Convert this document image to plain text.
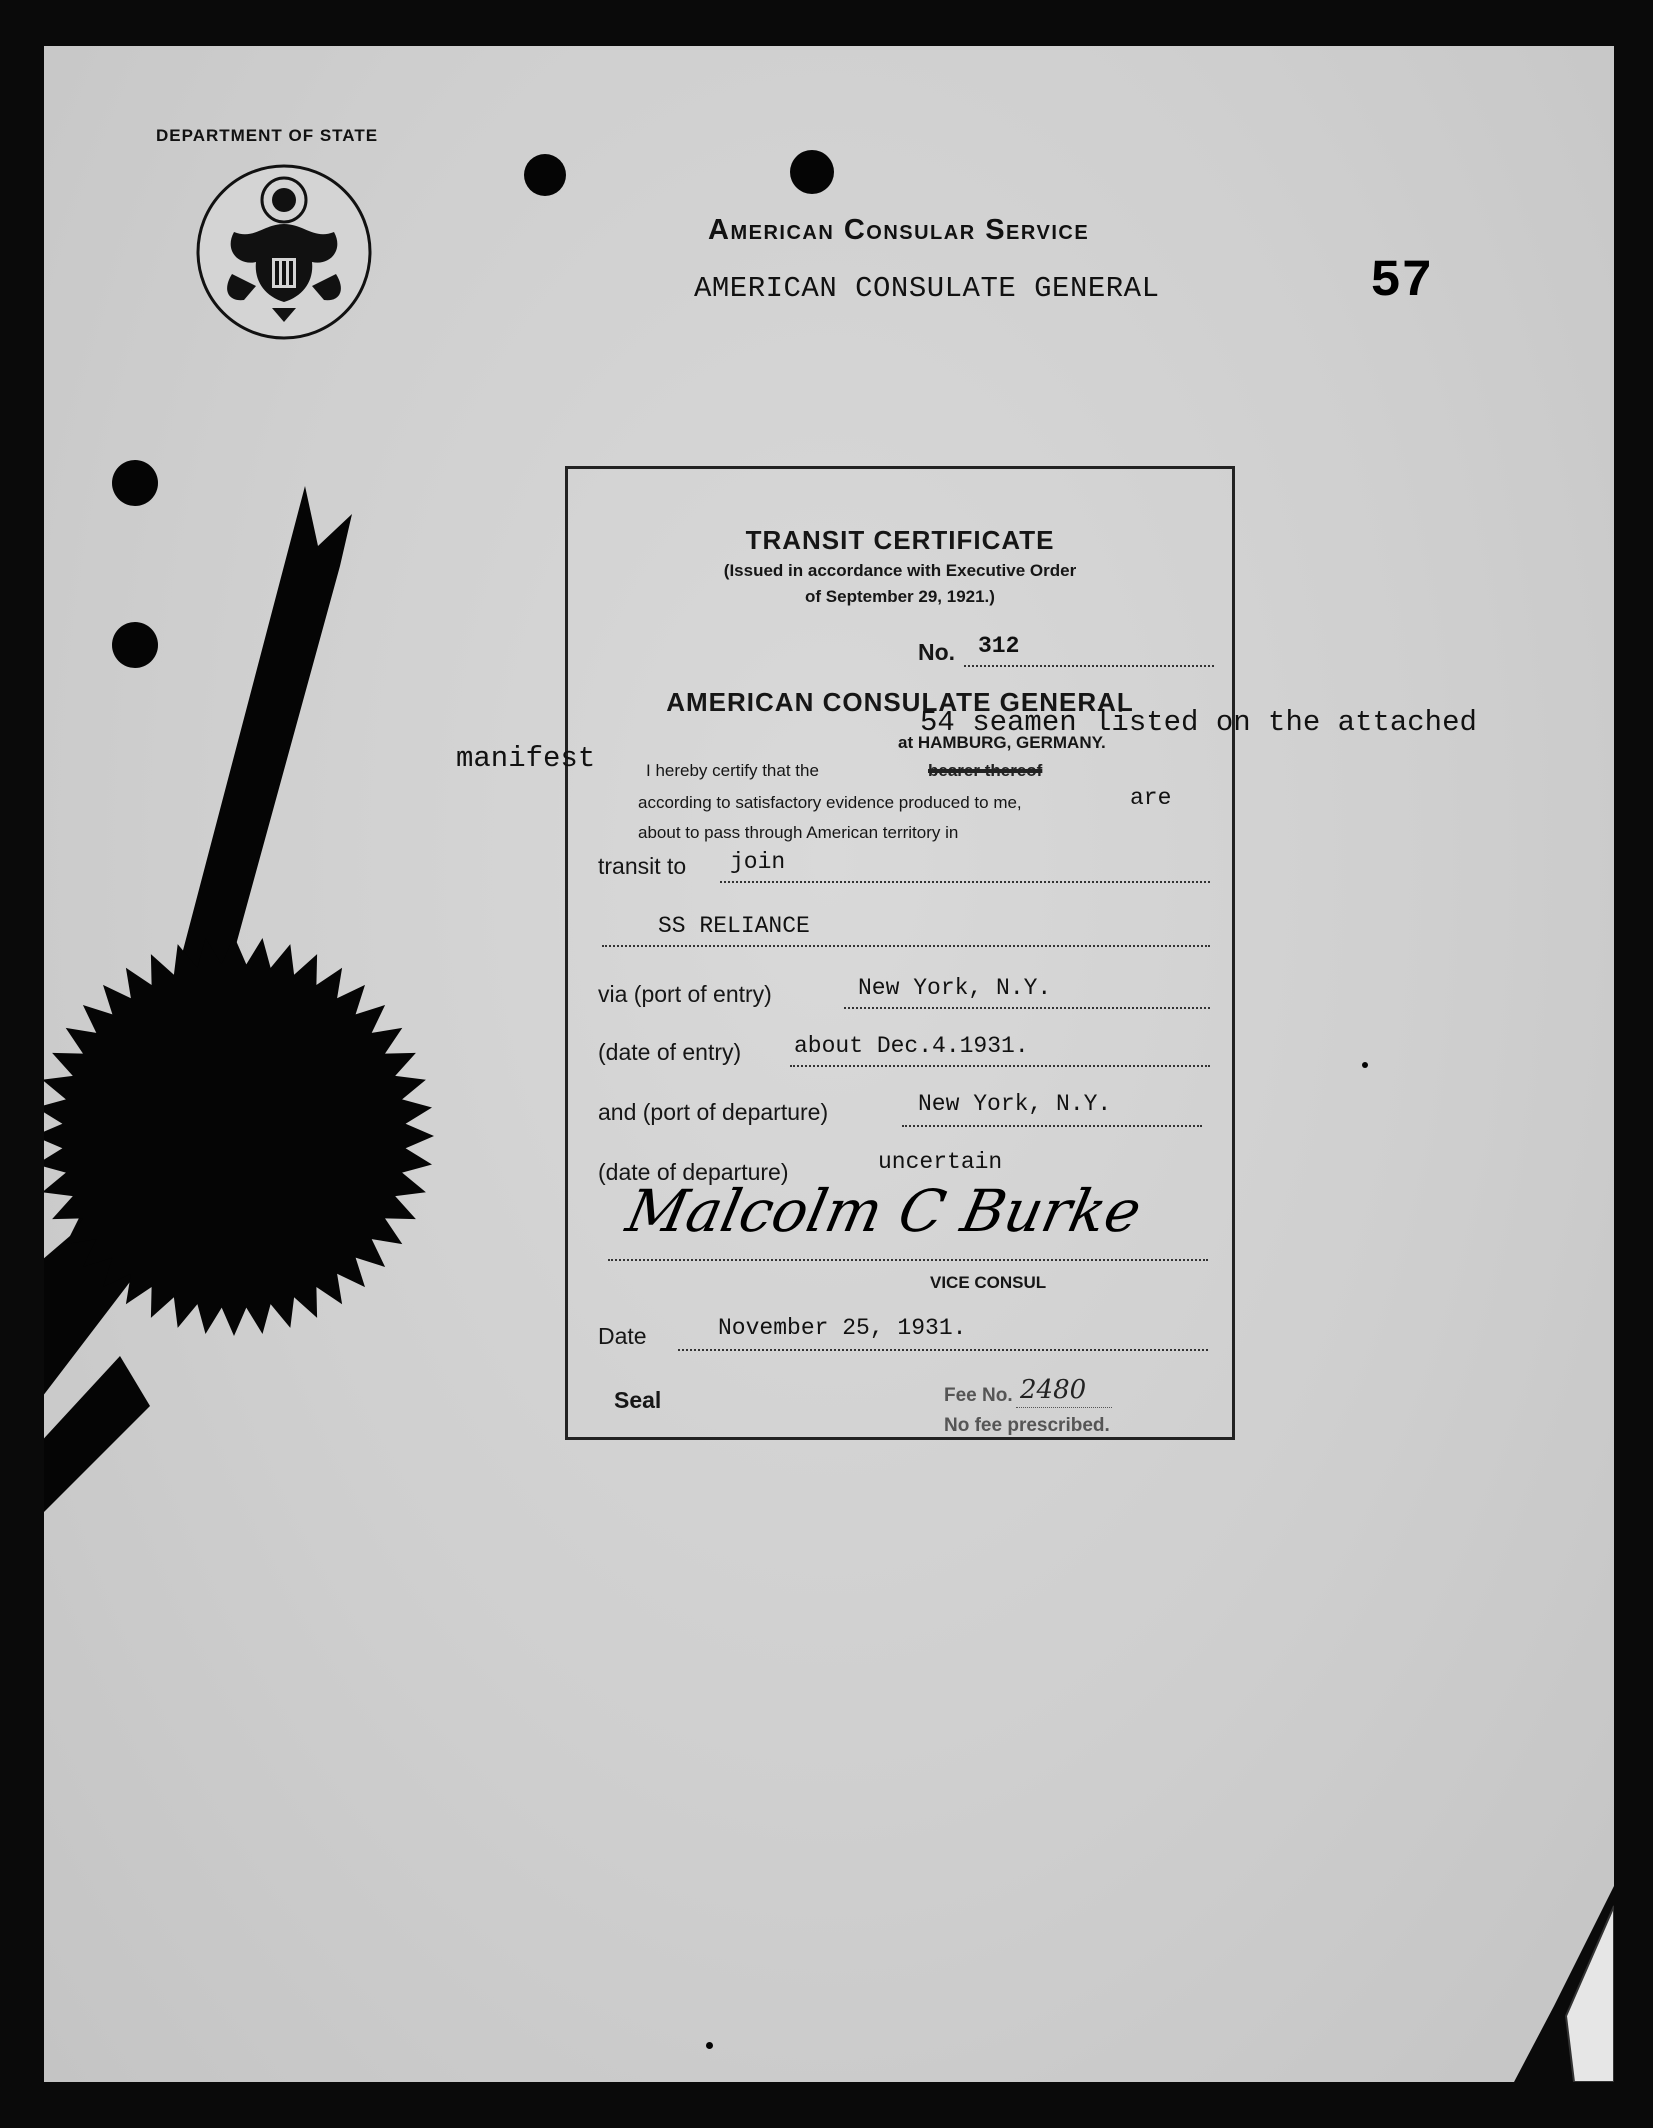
DEPARTMENT OF STATE
American Consular Service
AMERICAN CONSULATE GENERAL	57
TRANSIT CERTIFICATE
(Issued in accordance with Executive Order
of September 29, 1921.)
No. 312
AMERICAN CONSULATE GENERAL
at HAMBURG, GERMANY.
I hereby certify that the	bearer thereof
according to satisfactory evidence produced to me,	are
about to pass through American territory in
transit to join
SS RELIANCE
via (port of entry)	New York, N.Y.
(date of entry) about Dec.4.1931.
and (port of departure)	New York, N.Y.
(date of departure)	uncertain
Malcolm C Burke
VICE CONSUL
Date	November 25, 1931.
Seal	Fee No. 2480
No fee prescribed.
54 seamen listed on the attached
manifest
